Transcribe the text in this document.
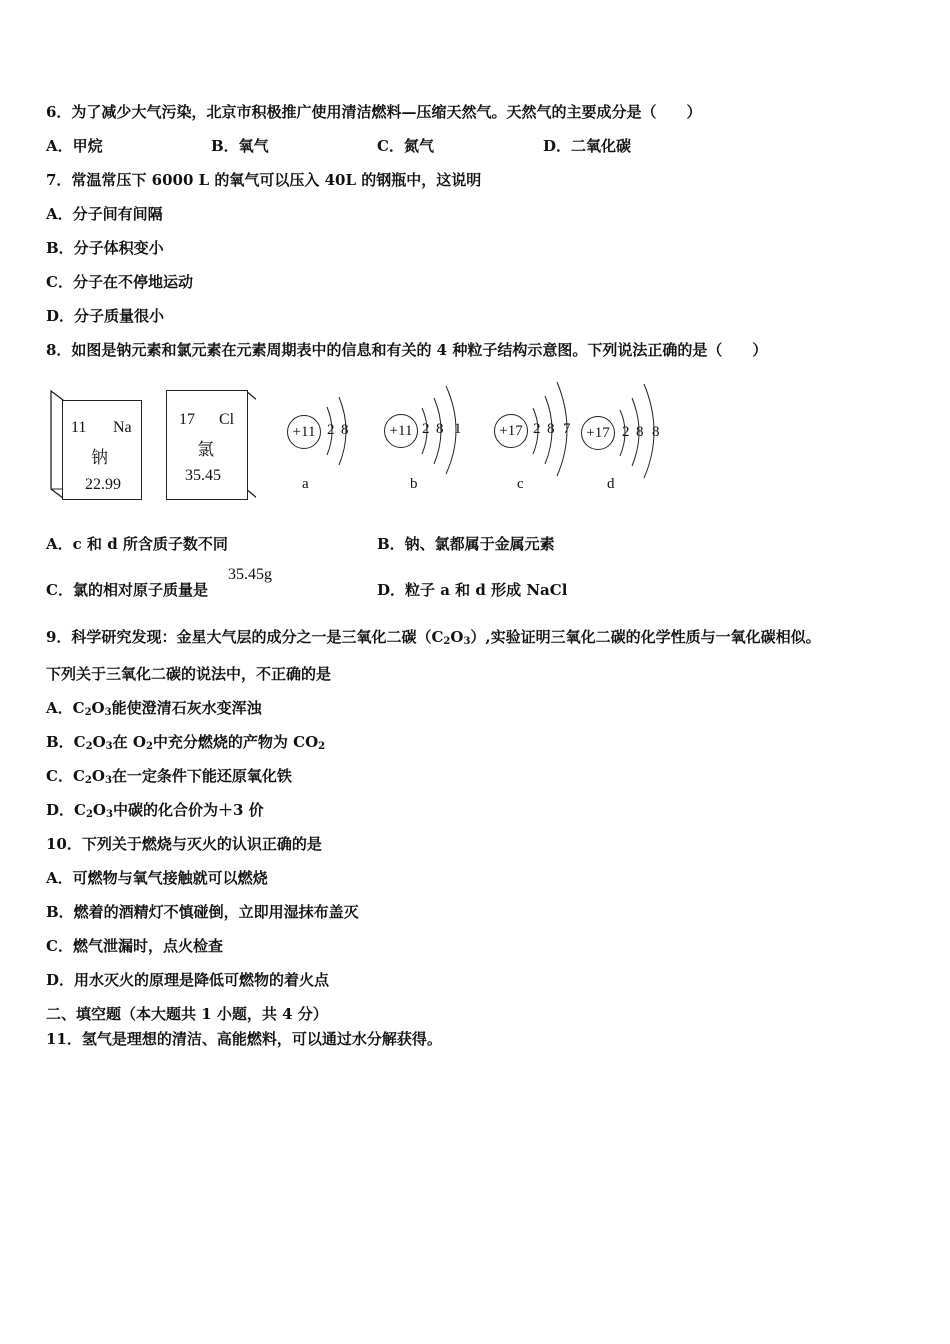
6．为了减少大气污染，北京市积极推广使用清洁燃料—压缩天然气。天然气的主要成分是（　　）
A．甲烷	B．氧气	C．氮气	D．二氧化碳
7．常温常压下 6000 L 的氧气可以压入 40L 的钢瓶中，这说明
A．分子间有间隔
B．分子体积变小
C．分子在不停地运动
D．分子质量很小
8．如图是钠元素和氯元素在元素周期表中的信息和有关的 4 种粒子结构示意图。下列说法正确的是（　　）
11 Na
钠
22.99
17 Cl
氯
35.45
+11 2 8
a
+11 2 8 1
b
+17 2 8 7
c
+17 2 8 8
d
A．c 和 d 所含质子数不同	B．钠、氯都属于金属元素
C．氯的相对原子质量是
35.45g
D．粒子 a 和 d 形成 NaCl
9．科学研究发现：金星大气层的成分之一是三氧化二碳$(C_2O_3)$,实验证明三氧化二碳的化学性质与一氧化碳相似。
下列关于三氧化二碳的说法中，不正确的是
A．$C_2O_3$能使澄清石灰水变浑浊
B．$C_2O_3$在 $O_2$中充分燃烧的产物为 $CO_2$
C．$C_2O_3$在一定条件下能还原氧化铁
D．$C_2O_3$中碳的化合价为＋3 价
10．下列关于燃烧与灭火的认识正确的是
A．可燃物与氧气接触就可以燃烧
B．燃着的酒精灯不慎碰倒，立即用湿抹布盖灭
C．燃气泄漏时，点火检查
D．用水灭火的原理是降低可燃物的着火点
二、填空题（本大题共 1 小题，共 4 分）
11．氢气是理想的清洁、高能燃料，可以通过水分解获得。
